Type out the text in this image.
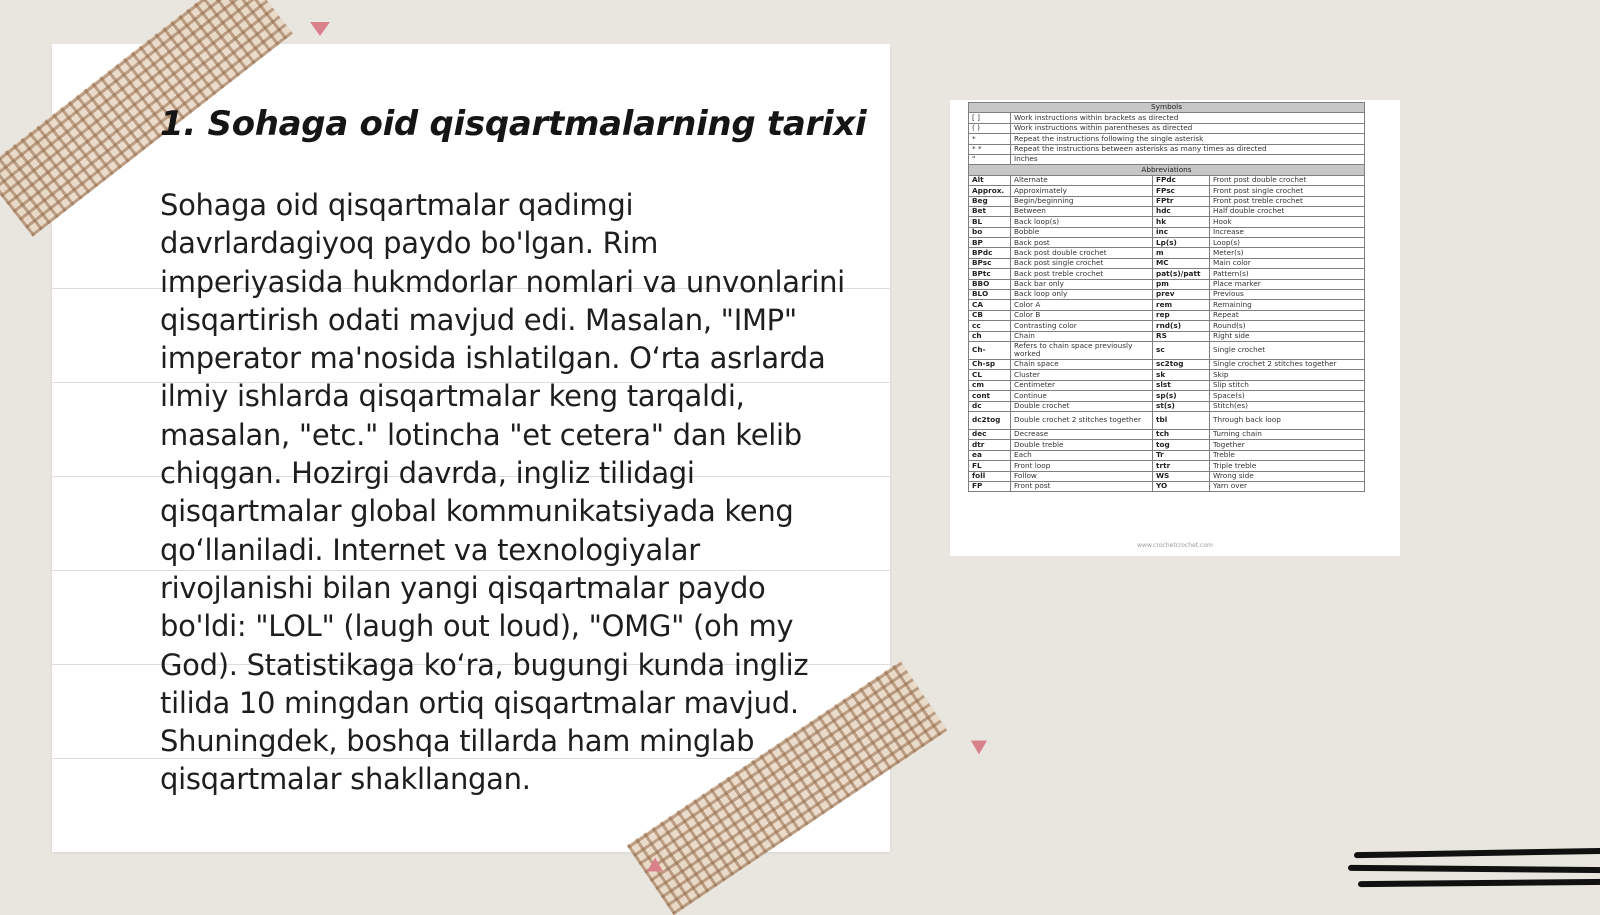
1. Sohaga oid qisqartmalarning tarixi

Sohaga oid qisqartmalar qadimgi davrlardagiyoq paydo bo'lgan. Rim imperiyasida hukmdorlar nomlari va unvonlarini qisqartirish odati mavjud edi. Masalan, "IMP" imperator ma'nosida ishlatilgan. O‘rta asrlarda ilmiy ishlarda qisqartmalar keng tarqaldi, masalan, "etc." lotincha "et cetera" dan kelib chiqgan. Hozirgi davrda, ingliz tilidagi qisqartmalar global kommunikatsiyada keng qo‘llaniladi. Internet va texnologiyalar rivojlanishi bilan yangi qisqartmalar paydo bo'ldi: "LOL" (laugh out loud), "OMG" (oh my God). Statistikaga ko‘ra, bugungi kunda ingliz tilida 10 mingdan ortiq qisqartmalar mavjud. Shuningdek, boshqa tillarda ham minglab qisqartmalar shakllangan.

Symbols			
[ ]	Work instructions within brackets as directed		
( )	Work instructions within parentheses as directed		
*	Repeat the instructions following the single asterisk		
* *	Repeat the instructions between asterisks as many times as directed		
"	Inches		
Abbreviations			
Alt	Alternate	FPdc	Front post double crochet
Approx.	Approximately	FPsc	Front post single crochet
Beg	Begin/beginning	FPtr	Front post treble crochet
Bet	Between	hdc	Half double crochet
BL	Back loop(s)	hk	Hook
bo	Bobble	inc	Increase
BP	Back post	Lp(s)	Loop(s)
BPdc	Back post double crochet	m	Meter(s)
BPsc	Back post single crochet	MC	Main color
BPtc	Back post treble crochet	pat(s)/patt	Pattern(s)
BBO	Back bar only	pm	Place marker
BLO	Back loop only	prev	Previous
CA	Color A	rem	Remaining
CB	Color B	rep	Repeat
cc	Contrasting color	rnd(s)	Round(s)
ch	Chain	RS	Right side
Ch-	Refers to chain space previously worked	sc	Single crochet
Ch-sp	Chain space	sc2tog	Single crochet 2 stitches together
CL	Cluster	sk	Skip
cm	Centimeter	slst	Slip stitch
cont	Continue	sp(s)	Space(s)
dc	Double crochet	st(s)	Stitch(es)
dc2tog	Double crochet 2 stitches together	tbl	Through back loop
dec	Decrease	tch	Turning chain
dtr	Double treble	tog	Together
ea	Each	Tr	Treble
FL	Front loop	trtr	Triple treble
foll	Follow	WS	Wrong side
FP	Front post	YO	Yarn over
www.crochetcrochet.com
